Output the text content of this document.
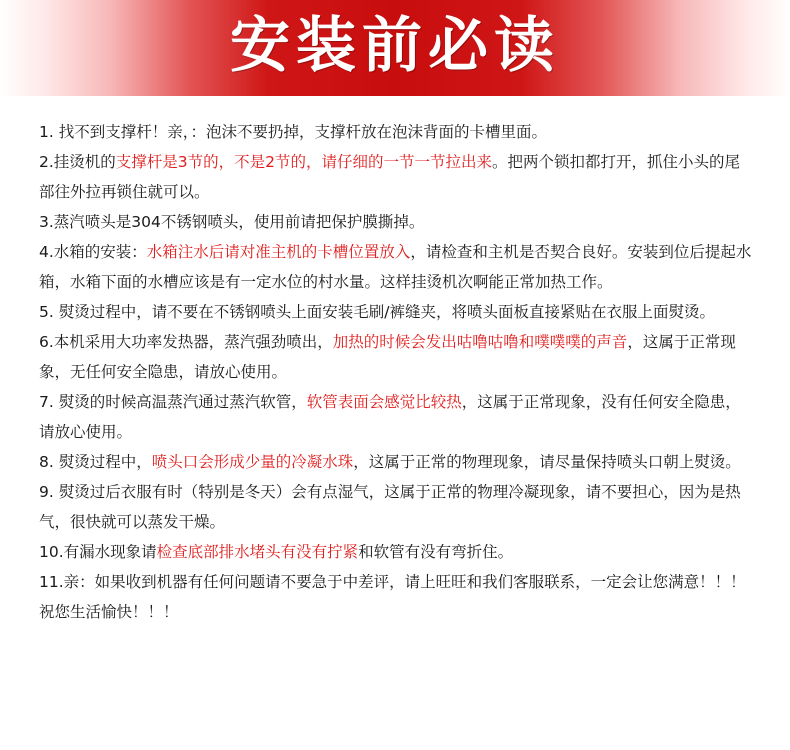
安装前必读

1. 找不到支撑杆！亲，：泡沫不要扔掉，支撑杆放在泡沫背面的卡槽里面。

2.挂烫机的支撑杆是3节的，不是2节的，请仔细的一节一节拉出来。把两个锁扣都打开，抓住小头的尾部往外拉再锁住就可以。

3.蒸汽喷头是304不锈钢喷头，使用前请把保护膜撕掉。

4.水箱的安装：水箱注水后请对准主机的卡槽位置放入，请检查和主机是否契合良好。安装到位后提起水箱，水箱下面的水槽应该是有一定水位的村水量。这样挂烫机次啊能正常加热工作。

5. 熨烫过程中，请不要在不锈钢喷头上面安装毛刷/裤缝夹，将喷头面板直接紧贴在衣服上面熨烫。

6.本机采用大功率发热器，蒸汽强劲喷出，加热的时候会发出咕噜咕噜和噗噗噗的声音，这属于正常现象，无任何安全隐患，请放心使用。

7. 熨烫的时候高温蒸汽通过蒸汽软管，软管表面会感觉比较热，这属于正常现象，没有任何安全隐患，请放心使用。

8. 熨烫过程中，喷头口会形成少量的冷凝水珠，这属于正常的物理现象，请尽量保持喷头口朝上熨烫。

9. 熨烫过后衣服有时（特别是冬天）会有点湿气，这属于正常的物理冷凝现象，请不要担心，因为是热气，很快就可以蒸发干燥。

10.有漏水现象请检查底部排水堵头有没有拧紧和软管有没有弯折住。

11.亲：如果收到机器有任何问题请不要急于中差评，请上旺旺和我们客服联系，一定会让您满意！！！祝您生活愉快！！！
